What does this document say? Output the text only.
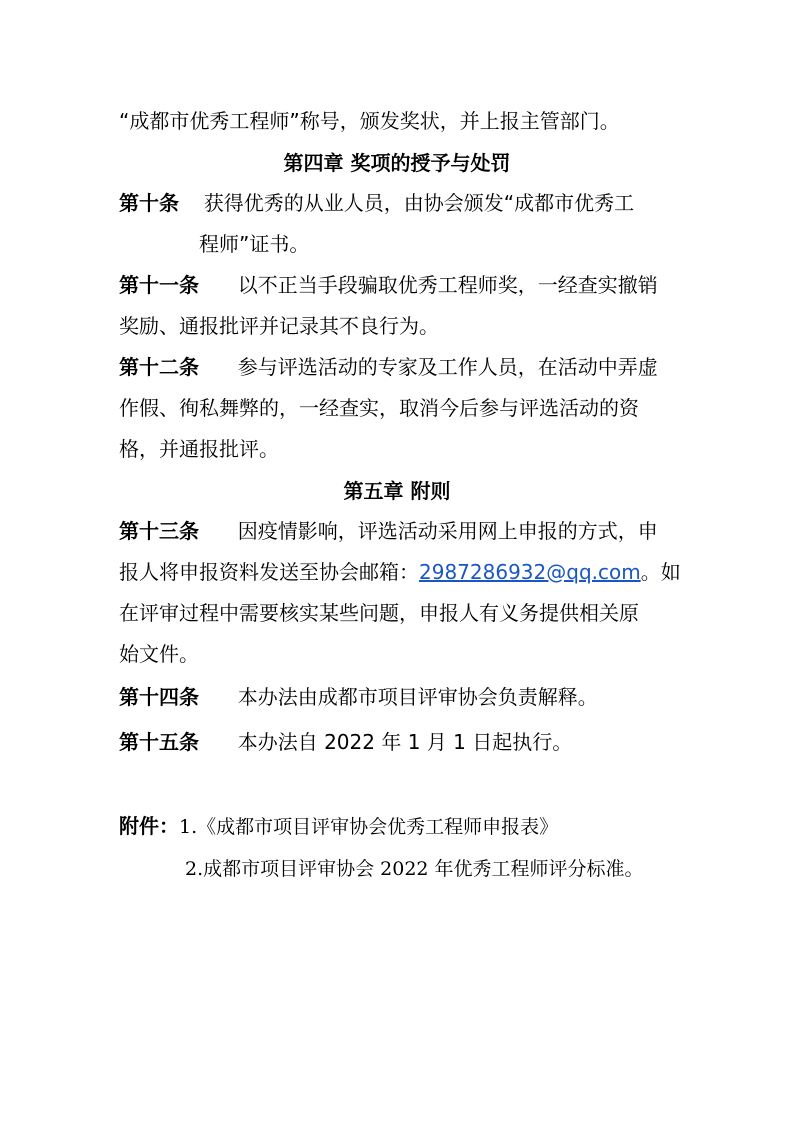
“成都市优秀工程师”称号，颁发奖状，并上报主管部门。
第四章 奖项的授予与处罚
第十条 获得优秀的从业人员，由协会颁发“成都市优秀工
程师”证书。
第十一条 以不正当手段骗取优秀工程师奖，一经查实撤销
奖励、通报批评并记录其不良行为。
第十二条 参与评选活动的专家及工作人员，在活动中弄虚
作假、徇私舞弊的，一经查实，取消今后参与评选活动的资
格，并通报批评。
第五章 附则
第十三条 因疫情影响，评选活动采用网上申报的方式，申
报人将申报资料发送至协会邮箱：2987286932@qq.com。如
在评审过程中需要核实某些问题，申报人有义务提供相关原
始文件。
第十四条 本办法由成都市项目评审协会负责解释。
第十五条 本办法自 2022 年 1 月 1 日起执行。
附件：1.《成都市项目评审协会优秀工程师申报表》
2.成都市项目评审协会 2022 年优秀工程师评分标准。
